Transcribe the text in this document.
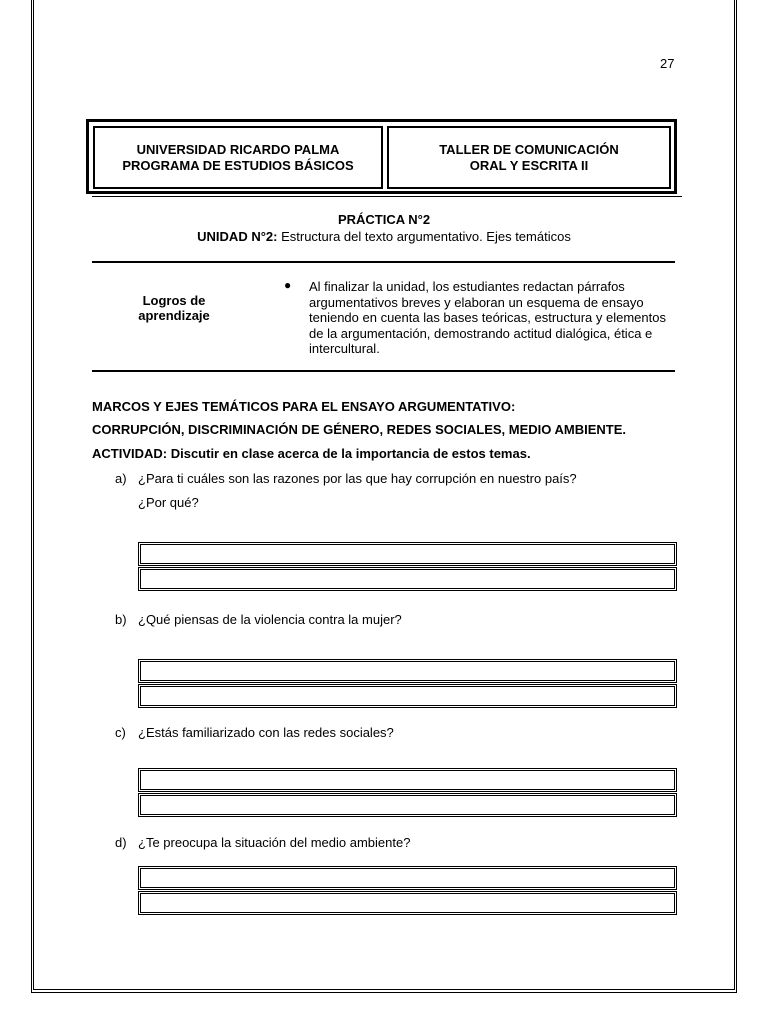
27
UNIVERSIDAD RICARDO PALMA
PROGRAMA DE ESTUDIOS BÁSICOS
TALLER DE COMUNICACIÓN
ORAL Y ESCRITA II
PRÁCTICA N°2
UNIDAD N°2: Estructura del texto argumentativo. Ejes temáticos
Logros de
aprendizaje
● Al finalizar la unidad, los estudiantes redactan párrafos argumentativos breves y elaboran un esquema de ensayo teniendo en cuenta las bases teóricas, estructura y elementos de la argumentación, demostrando actitud dialógica, ética e intercultural.
MARCOS Y EJES TEMÁTICOS PARA EL ENSAYO ARGUMENTATIVO:
CORRUPCIÓN, DISCRIMINACIÓN DE GÉNERO, REDES SOCIALES, MEDIO AMBIENTE.
ACTIVIDAD: Discutir en clase acerca de la importancia de estos temas.
a) ¿Para ti cuáles son las razones por las que hay corrupción en nuestro país? ¿Por qué?
b) ¿Qué piensas de la violencia contra la mujer?
c) ¿Estás familiarizado con las redes sociales?
d) ¿Te preocupa la situación del medio ambiente?
